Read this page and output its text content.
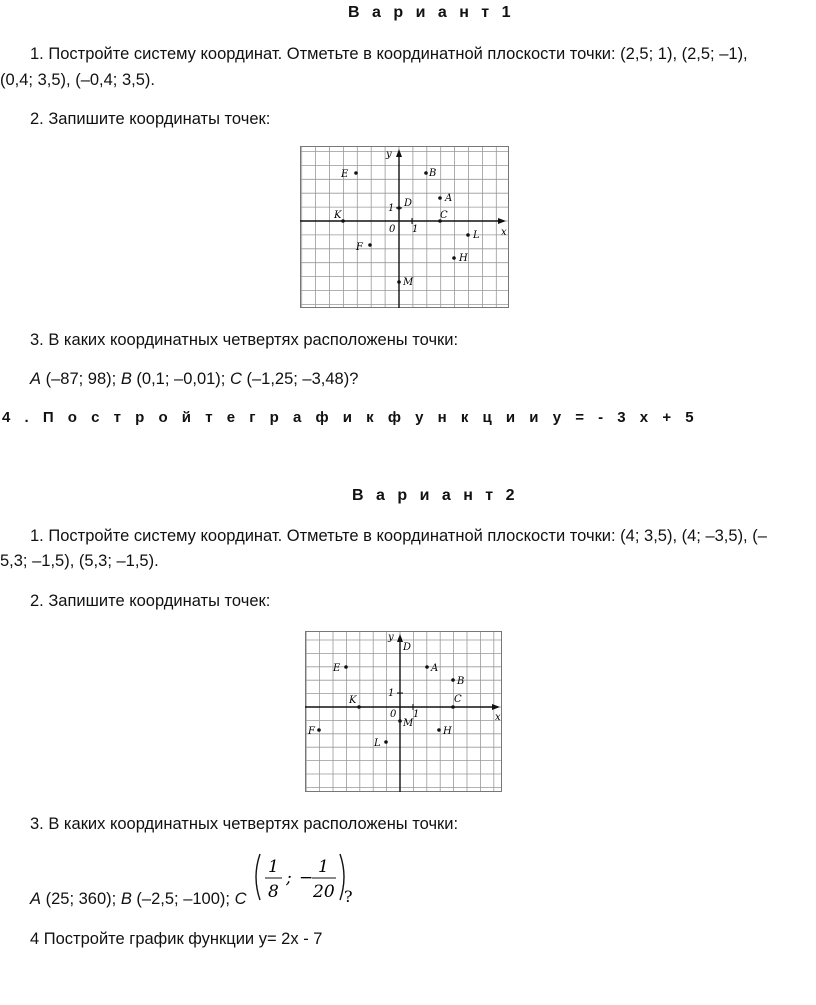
В а р и а н т 1
1. Постройте систему координат. Отметьте в координатной плоскости точки: (2,5; 1), (2,5; –1),
(0,4; 3,5), (–0,4; 3,5).
2. Запишите координаты точек:
x
y
0 1
1
E	B
A
D
K	C
L
F
H
M
3. В каких координатных четвертях расположены точки:
A (–87; 98); B (0,1; –0,01); C (–1,25; –3,48)?
4 . П о с т р о й т е г р а ф и к ф у н к ц и и y = - 3 x + 5
В а р и а н т 2
1. Постройте систему координат. Отметьте в координатной плоскости точки: (4; 3,5), (4; –3,5), (–
5,3; –1,5), (5,3; –1,5).
2. Запишите координаты точек:
x
y
0 1
1
D
E	A
B
K	C
F
M
H
L
3. В каких координатных четвертях расположены точки:
A (25; 360); B (–2,5; –100); C
1
8
; −
1
20 ?
4 Постройте график функции y= 2x - 7
